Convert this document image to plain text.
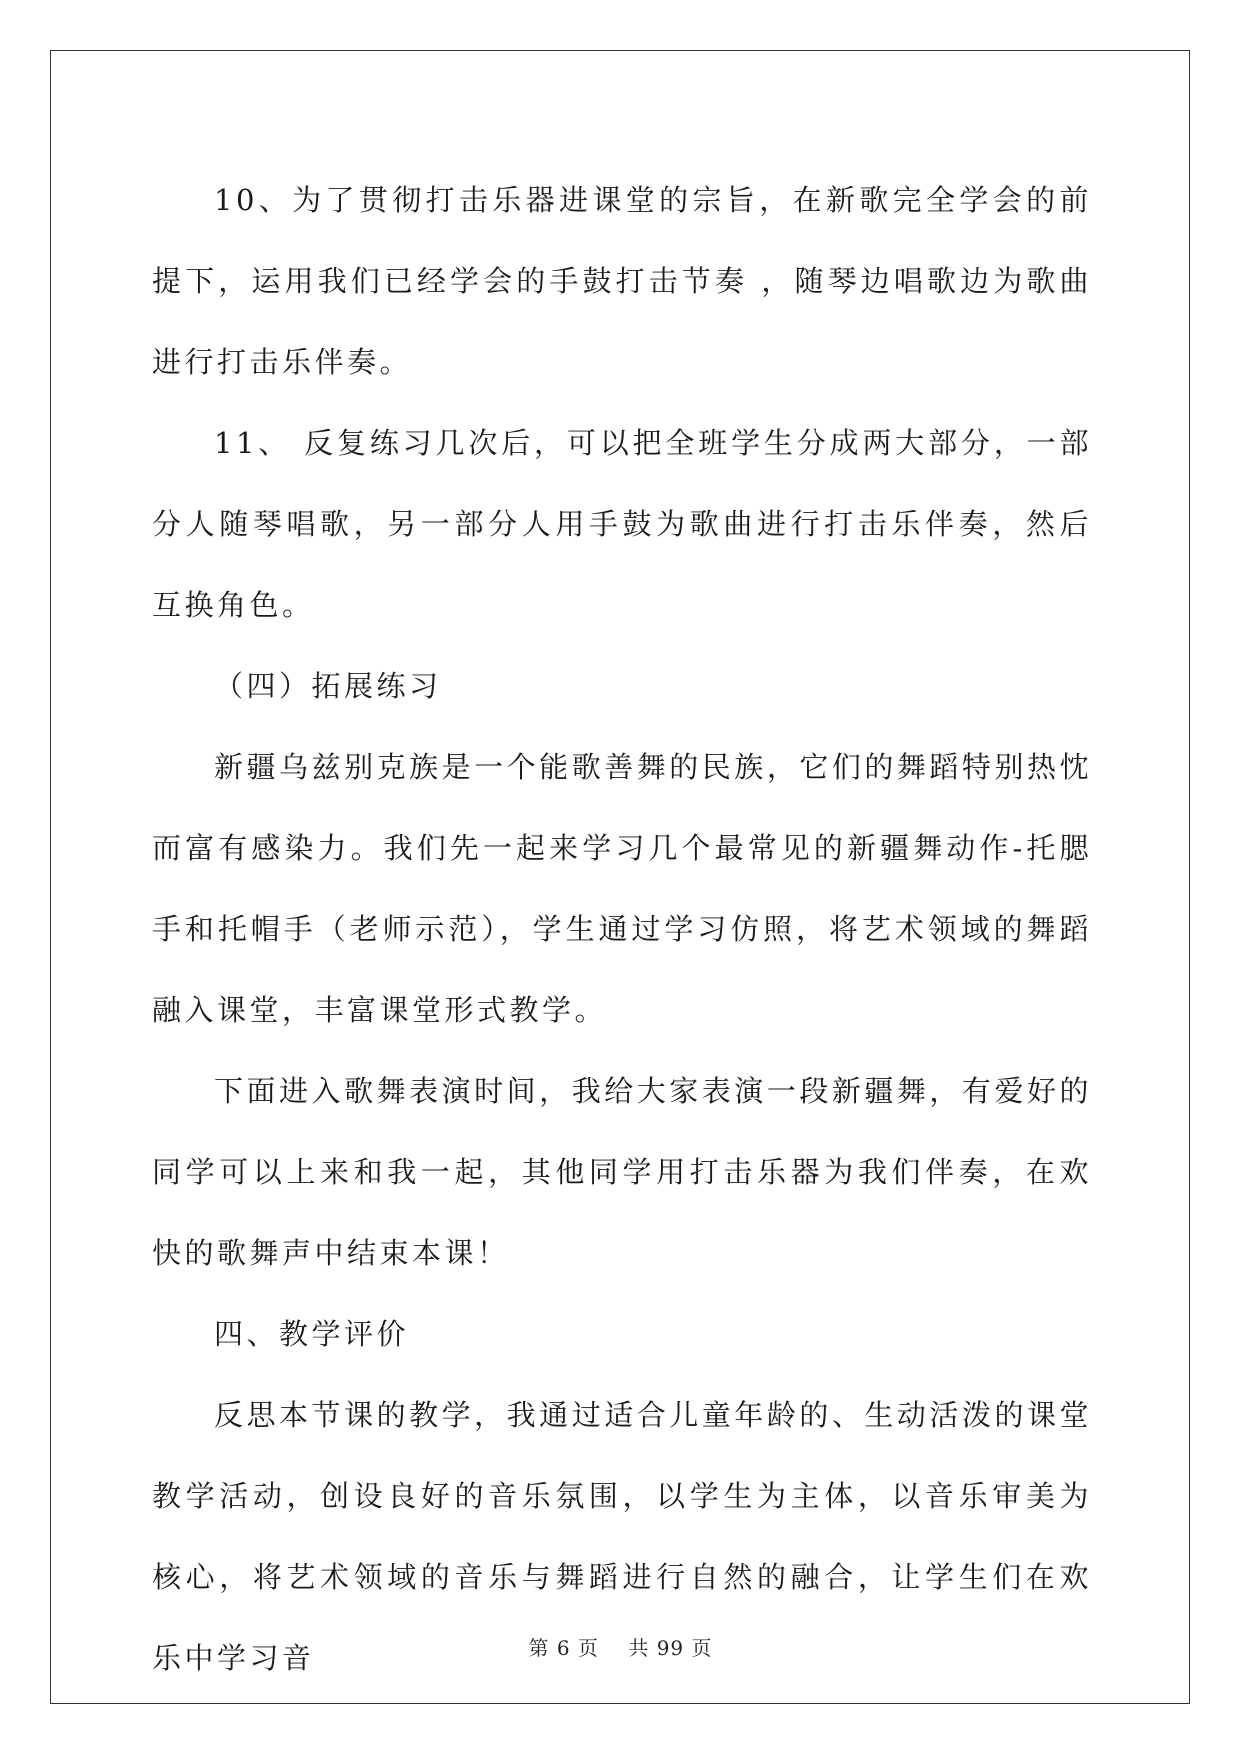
10、为了贯彻打击乐器进课堂的宗旨，在新歌完全学会的前提下，运用我们已经学会的手鼓打击节奏 ，随琴边唱歌边为歌曲进行打击乐伴奏。

11、 反复练习几次后，可以把全班学生分成两大部分，一部分人随琴唱歌，另一部分人用手鼓为歌曲进行打击乐伴奏，然后互换角色。

（四）拓展练习

新疆乌兹别克族是一个能歌善舞的民族，它们的舞蹈特别热忱而富有感染力。我们先一起来学习几个最常见的新疆舞动作-托腮手和托帽手（老师示范），学生通过学习仿照，将艺术领域的舞蹈融入课堂，丰富课堂形式教学。

下面进入歌舞表演时间，我给大家表演一段新疆舞，有爱好的同学可以上来和我一起，其他同学用打击乐器为我们伴奏，在欢快的歌舞声中结束本课！

四、教学评价

反思本节课的教学，我通过适合儿童年龄的、生动活泼的课堂教学活动，创设良好的音乐氛围，以学生为主体，以音乐审美为核心，将艺术领域的音乐与舞蹈进行自然的融合，让学生们在欢乐中学习音	第 6 页    共 99 页
